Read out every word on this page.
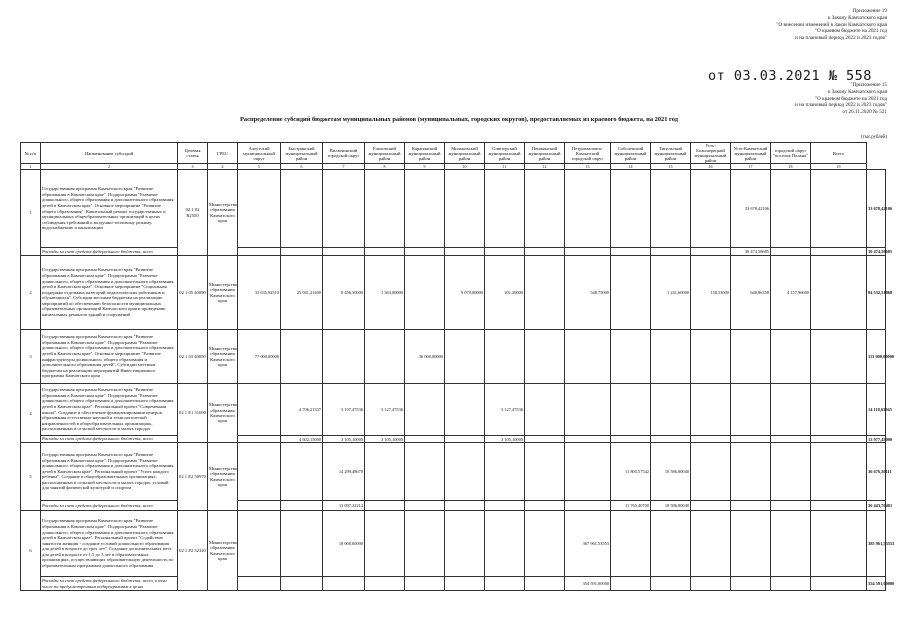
Приложение 19
к Закону Камчатского края
"О внесении изменений в Закон Камчатского края
"О краевом бюджете на 2021 год
и на плановый период 2022 и 2023 годов"
от 03.03.2021 № 558
"Приложение 15
к Закону Камчатского края
"О краевом бюджете на 2021 год
и на плановый период 2022 и 2023 годов"
от 26.11.2020 № 521
Распределение субсидий бюджетам муниципальных районов (муниципальных, городских округов), предоставляемых из краевого бюджета, на 2021 год
(тыс.рублей)
№ п/п	Наименование субсидий	Целевая статья	ГРБС	Алеутский муниципальный округ	Быстринский муниципальный район	Вилючинский городской округ	Елизовский муниципальный район	Карагинский муниципальный район	Мильковский муниципальный район	Олюторский муниципальный район	Пенжинский муниципальный район	Петропавловск-Камчатский городской округ	Соболевский муниципальный район	Тигильский муниципальный район	Усть-Большерецкий муниципальный район	Усть-Камчатский муниципальный район	городской округ "поселок Палана"	Всего	
1	2	3	4	5	6	7	8	9	10	11	12	13	14	15	16	17	18	19	
1	Государственная программа Камчатского края "Развитие образования в Камчатском крае". Подпрограмма "Развитие дошкольного, общего образования и дополнительного образования детей в Камчатском крае". Основное мероприятие "Развитие общего образования". Капитальный ремонт государственных и муниципальных общеобразовательных организаций в целях соблюдения требований к воздушно-тепловому режиму, водоснабжению и канализации	02 1 02 R2550	Министерство образования Камчатского края													33 678,42106			33 678,42106
	Расходы за счет средств федерального бюджета, всего															30 474,58685			30 474,58685
2	Государственная программа Камчатского края "Развитие образования в Камчатском крае". Подпрограмма "Развитие дошкольного, общего образования и дополнительного образования детей в Камчатском крае". Основное мероприятие "Социальная поддержка отдельных категорий педагогических работников и обучающихся". Субсидии местным бюджетам на реализацию мероприятий по обеспечению безопасности муниципальных образовательных организаций Камчатского края и проведению капитальных ремонтов зданий и сооружений	02 1 05 40090	Министерство образования Камчатского края	33 635,92510	25 041,21400	8 456,50000	1 363,00000		9 070,00000	201,20000		548,75000		1 241,60000	158,53000	648,86358	4 157,96600		84 532,51868
3	Государственная программа Камчатского края "Развитие образования в Камчатском крае". Подпрограмма "Развитие дошкольного, общего образования и дополнительного образования детей в Камчатском крае". Основное мероприятие "Развитие инфраструктуры дошкольного, общего образования и дополнительного образования детей". Субсидии местным бюджетам на реализацию мероприятий Инвестиционного программы Камчатского края	02 1 03 40050	Министерство образования Камчатского края	77 000,00000				36 000,00000											113 000,00000
4	Государственная программа Камчатского края "Развитие образования в Камчатском крае". Подпрограмма "Развитие дошкольного, общего образования и дополнительного образования детей в Камчатском крае". Региональный проект "Современная школа". Создание и обеспечение функционирования центров образования естественно-научной и технологической направленностей в общеобразовательных организациях, расположенных в сельской местности и малых городах	02 1 E1 51690	Министерство образования Камчатского края		4 706,21337	3 197,47536	3 127,47536			3 127,47536									14 118,63945
	Расходы за счет средств федерального бюджета, всего				4 602,15000	3 105,10000	3 105,10000			3 105,10000									13 977,45000
5	Государственная программа Камчатского края "Развитие образования в Камчатском крае". Подпрограмма "Развитие дошкольного, общего образования и дополнительного образования детей в Камчатском крае". Региональный проект "Успех каждого ребенка". Создание в общеобразовательных организациях, расположенных в сельской местности и малых городах, условий для занятий физической культурой и спортом	02 1 E2 50970	Министерство образования Камчатского края			14 299,48670							11 805,57542	10 586,80040					36 676,30111
	Расходы за счет средств федерального бюджета, всего					13 097,22214							11 765,40700	10 586,80040					36 443,76401
6	Государственная программа Камчатского края "Развитие образования в Камчатском крае". Подпрограмма "Развитие дошкольного, общего образования и дополнительного образования детей в Камчатском крае". Региональный проект "Содействие занятости женщин - создание условий дошкольного образования для детей в возрасте до трех лет". Создание дополнительных мест для детей в возрасте от 1,5 до 3 лет в образовательных организациях, осуществляющих образовательную деятельность по образовательным программам дошкольного образования	02 1 P2 52320	Министерство образования Камчатского края			18 000,00000						367 961,53553							385 961,53553
	Расходы за счет средств федерального бюджета, всего, в том числе по предусмотренным подпрограммам в целях											354 591,00000							354 591,00000
